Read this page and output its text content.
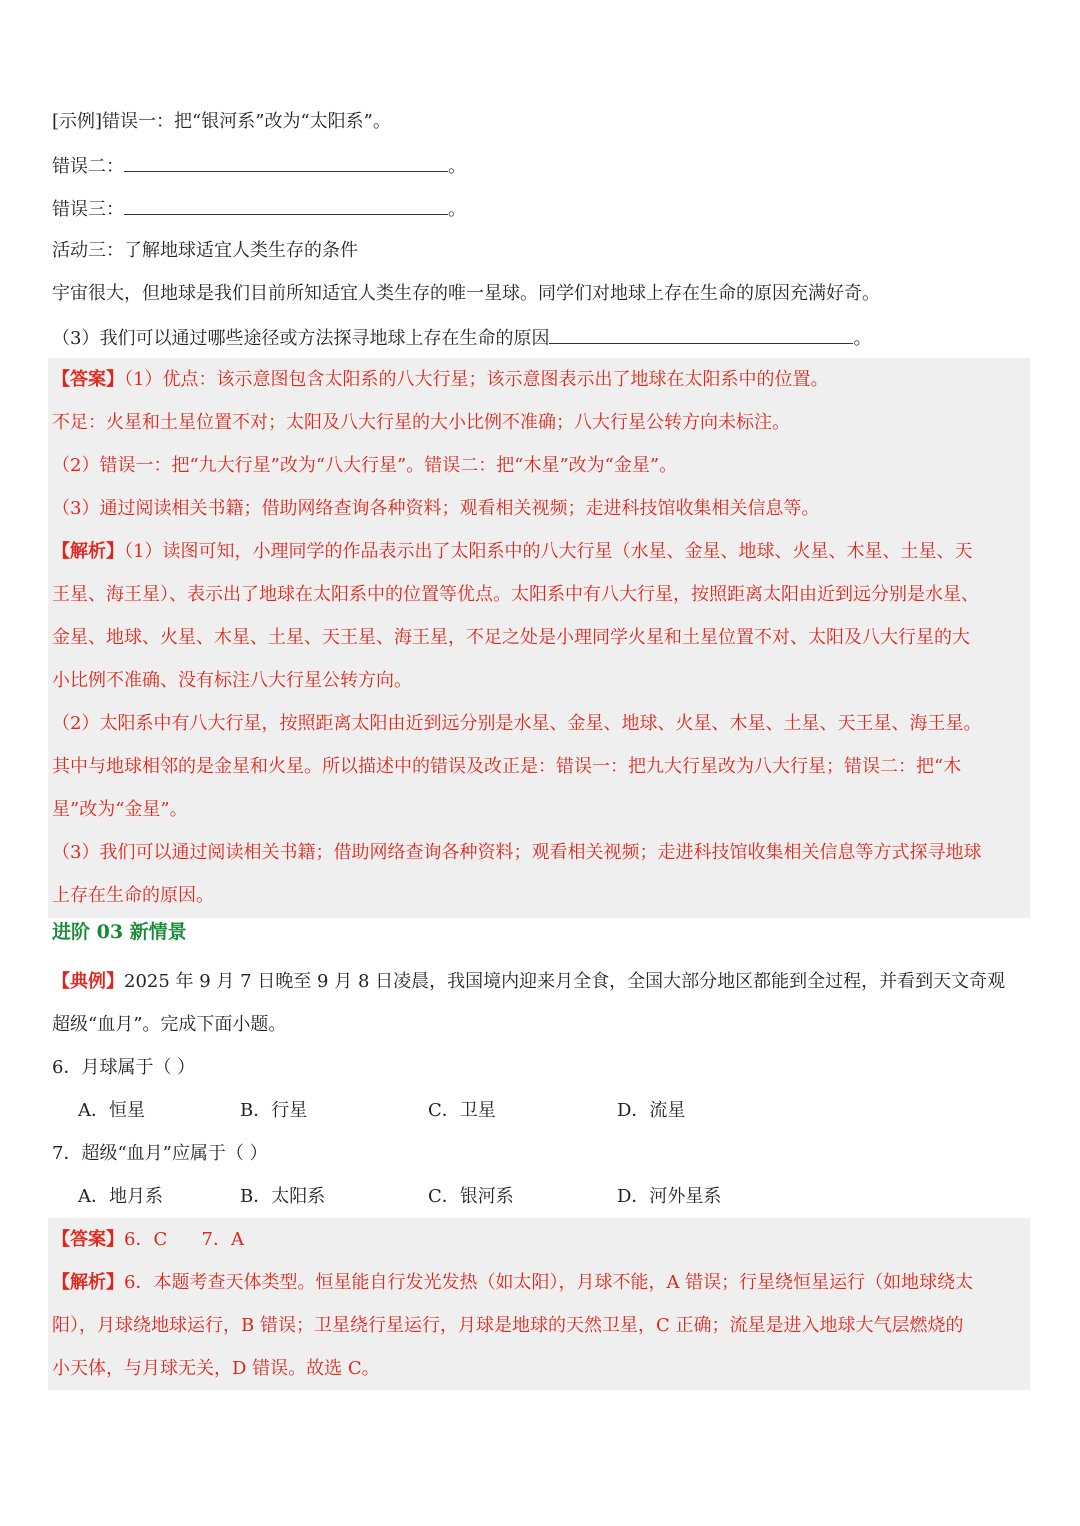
[示例]错误一：把“银河系”改为“太阳系”。
错误二：	。
错误三：	。
活动三：了解地球适宜人类生存的条件
宇宙很大，但地球是我们目前所知适宜人类生存的唯一星球。同学们对地球上存在生命的原因充满好奇。
（3）我们可以通过哪些途径或方法探寻地球上存在生命的原因	。
【答案】（1）优点：该示意图包含太阳系的八大行星；该示意图表示出了地球在太阳系中的位置。
不足：火星和土星位置不对；太阳及八大行星的大小比例不准确；八大行星公转方向未标注。
（2）错误一：把“九大行星”改为“八大行星”。错误二：把“木星”改为“金星”。
（3）通过阅读相关书籍；借助网络查询各种资料；观看相关视频；走进科技馆收集相关信息等。
【解析】（1）读图可知，小理同学的作品表示出了太阳系中的八大行星（水星、金星、地球、火星、木星、土星、天
王星、海王星）、表示出了地球在太阳系中的位置等优点。太阳系中有八大行星，按照距离太阳由近到远分别是水星、
金星、地球、火星、木星、土星、天王星、海王星，不足之处是小理同学火星和土星位置不对、太阳及八大行星的大
小比例不准确、没有标注八大行星公转方向。
（2）太阳系中有八大行星，按照距离太阳由近到远分别是水星、金星、地球、火星、木星、土星、天王星、海王星。
其中与地球相邻的是金星和火星。所以描述中的错误及改正是：错误一：把九大行星改为八大行星；错误二：把“木
星”改为“金星”。
（3）我们可以通过阅读相关书籍；借助网络查询各种资料；观看相关视频；走进科技馆收集相关信息等方式探寻地球
上存在生命的原因。
进阶 03 新情景
【典例】2025 年 9 月 7 日晚至 9 月 8 日凌晨，我国境内迎来月全食，全国大部分地区都能到全过程，并看到天文奇观
超级“血月”。完成下面小题。
6．月球属于（ ）
A．恒星	B．行星	C．卫星	D．流星
7．超级“血月”应属于（ ）
A．地月系	B．太阳系	C．银河系	D．河外星系
【答案】6．C      7．A
【解析】6．本题考查天体类型。恒星能自行发光发热（如太阳），月球不能，A 错误；行星绕恒星运行（如地球绕太
阳），月球绕地球运行，B 错误；卫星绕行星运行，月球是地球的天然卫星，C 正确；流星是进入地球大气层燃烧的
小天体，与月球无关，D 错误。故选 C。
